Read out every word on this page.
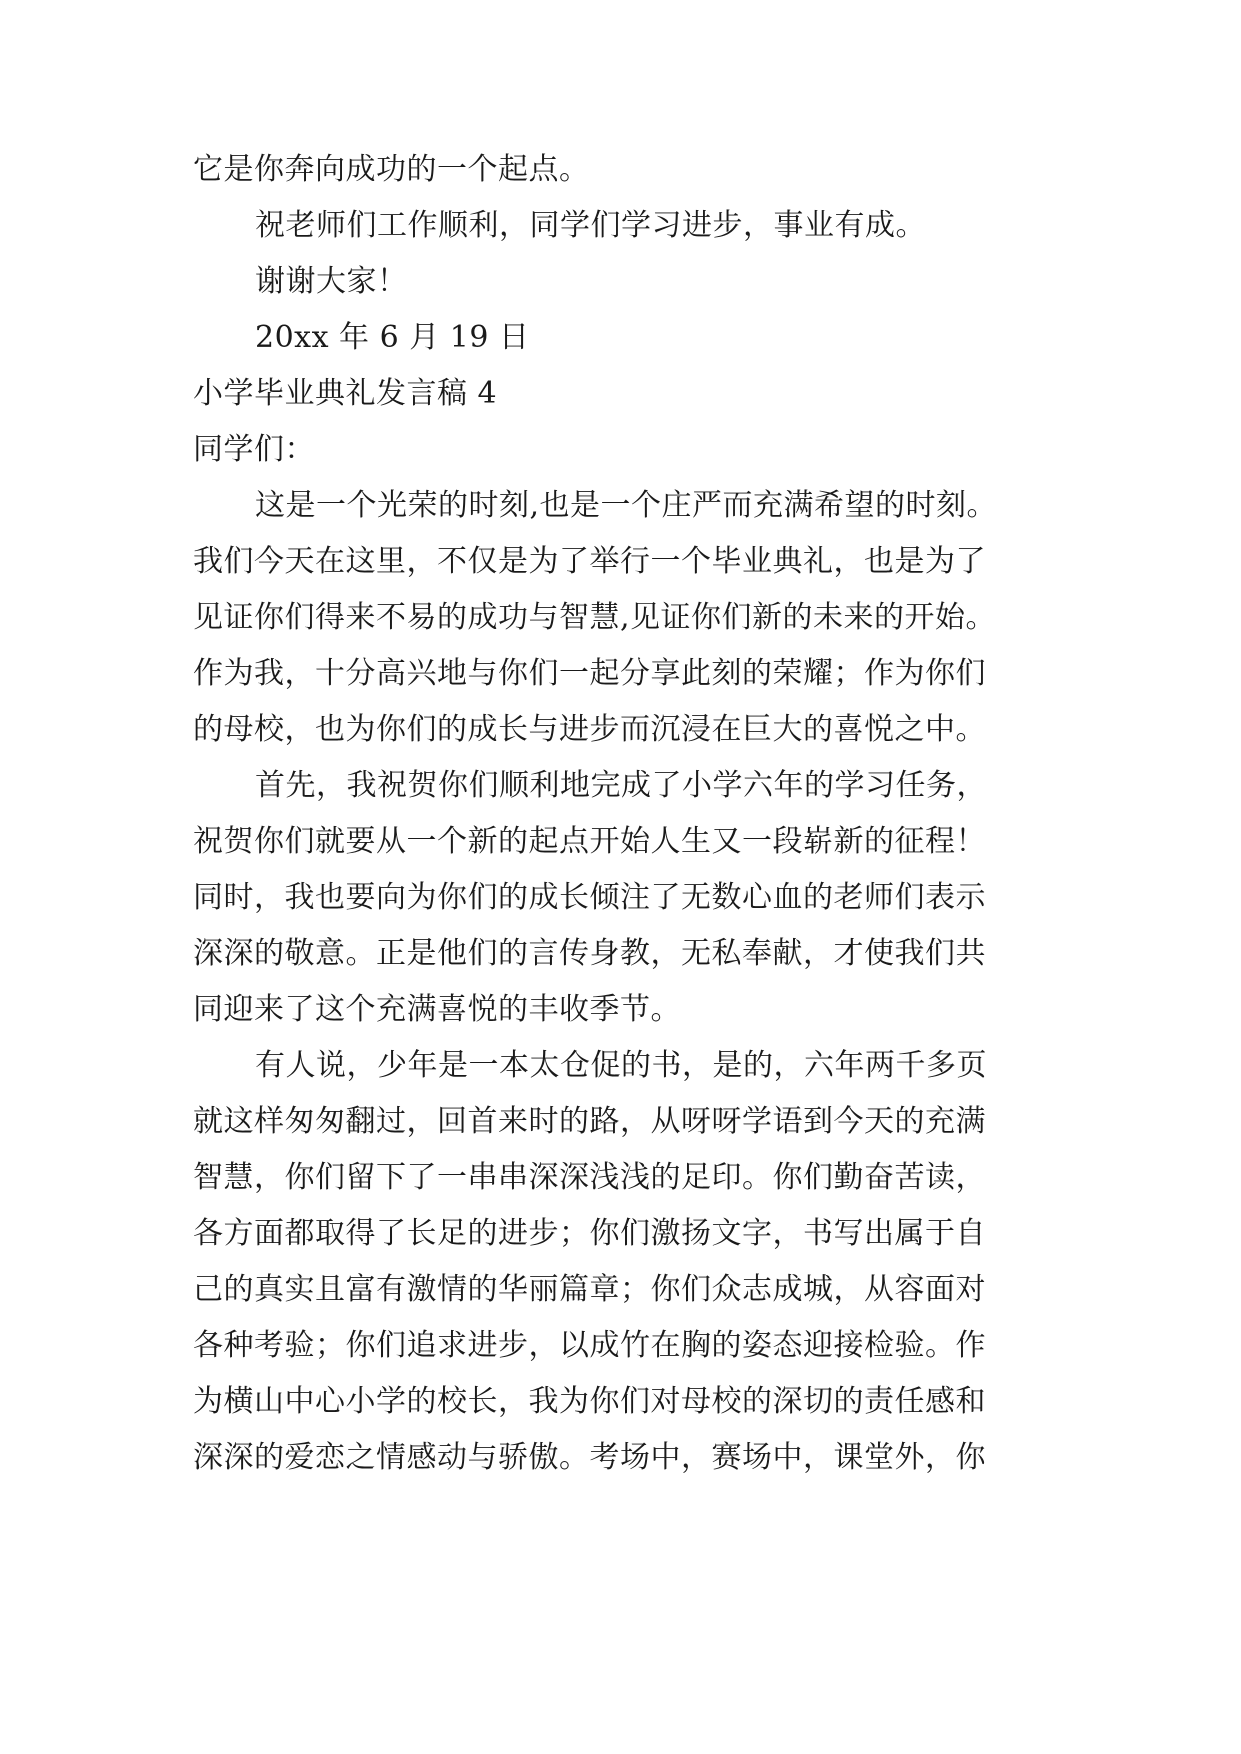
它是你奔向成功的一个起点。
祝老师们工作顺利，同学们学习进步，事业有成。
谢谢大家！
20xx 年 6 月 19 日
小学毕业典礼发言稿 4
同学们：
这是一个光荣的时刻,也是一个庄严而充满希望的时刻。
我们今天在这里，不仅是为了举行一个毕业典礼，也是为了
见证你们得来不易的成功与智慧,见证你们新的未来的开始。
作为我，十分高兴地与你们一起分享此刻的荣耀；作为你们
的母校，也为你们的成长与进步而沉浸在巨大的喜悦之中。
首先，我祝贺你们顺利地完成了小学六年的学习任务，
祝贺你们就要从一个新的起点开始人生又一段崭新的征程！
同时，我也要向为你们的成长倾注了无数心血的老师们表示
深深的敬意。正是他们的言传身教，无私奉献，才使我们共
同迎来了这个充满喜悦的丰收季节。
有人说，少年是一本太仓促的书，是的，六年两千多页
就这样匆匆翻过，回首来时的路，从呀呀学语到今天的充满
智慧，你们留下了一串串深深浅浅的足印。你们勤奋苦读，
各方面都取得了长足的进步；你们激扬文字，书写出属于自
己的真实且富有激情的华丽篇章；你们众志成城，从容面对
各种考验；你们追求进步，以成竹在胸的姿态迎接检验。作
为横山中心小学的校长，我为你们对母校的深切的责任感和
深深的爱恋之情感动与骄傲。考场中，赛场中，课堂外，你
